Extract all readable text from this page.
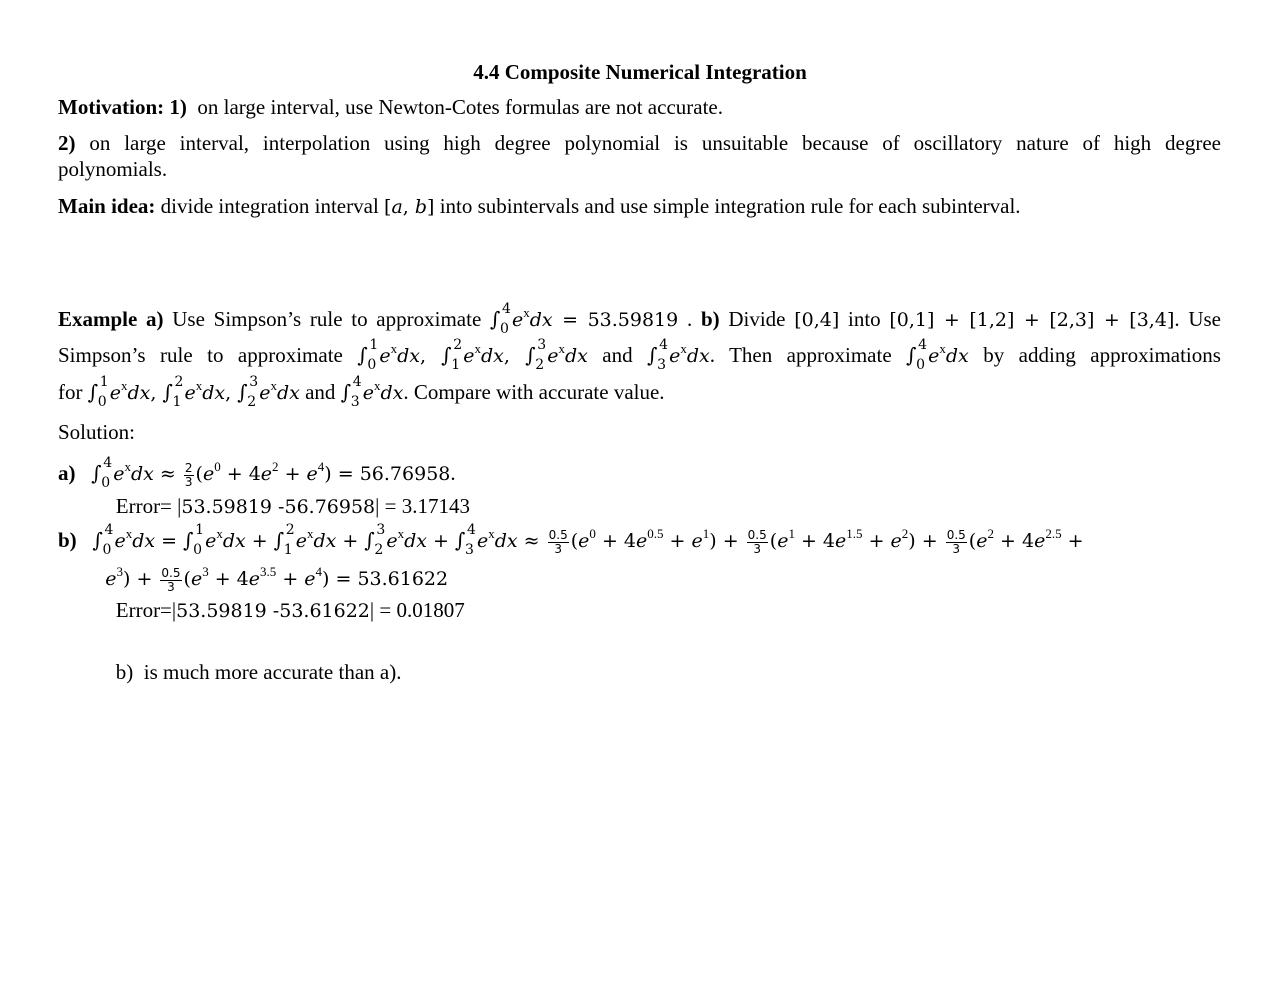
4.4 Composite Numerical Integration
Motivation: 1)  on large interval, use Newton-Cotes formulas are not accurate.
2) on large interval, interpolation using high degree polynomial is unsuitable because of oscillatory nature of high degree
polynomials.
Main idea: divide integration interval [a, b] into subintervals and use simple integration rule for each subinterval.
Example a) Use Simpson’s rule to approximate ∫ 4
0 $e^xdx = 53.59819$ . b) Divide [0,4] into [0,1] + [1,2] + [2,3] + [3,4]. Use
Simpson’s rule to approximate ∫ 1
0 $e^xdx$, ∫ 2
1 $e^xdx$, ∫ 3
2 $e^xdx$ and ∫ 4
3 $e^xdx$. Then approximate ∫ 4
0 $e^xdx$ by adding approximations
for ∫ 1
0 $e^xdx$, ∫ 2
1 $e^xdx$, ∫ 3
2 $e^xdx$ and ∫ 4
3 $e^xdx$. Compare with accurate value.
Solution:
a) ∫ 4
0 $e^xdx \approx \frac{2}{3} (e^0 + 4e^2 + e^4) = 56.76958$.
Error= |53.59819 -56.76958| = 3.17143
b) ∫ 4
0 $e^xdx$ = ∫ 1
0 $e^xdx$ + ∫ 2
1 $e^xdx$ + ∫ 3
2 $e^xdx$ + ∫ 4
3 $e^xdx \approx \frac{0.5}{3} (e^0 + 4e^{0.5} + e^1) + \frac{0.5}{3} (e^1 + 4e^{1.5} + e^2) + \frac{0.5}{3} (e^2 + 4e^{2.5}$ +
$e^3) + \frac{0.5}{3} (e^3 + 4e^{3.5} + e^4) = 53.61622$
Error=|53.59819 -53.61622| = 0.01807
b)  is much more accurate than a).
